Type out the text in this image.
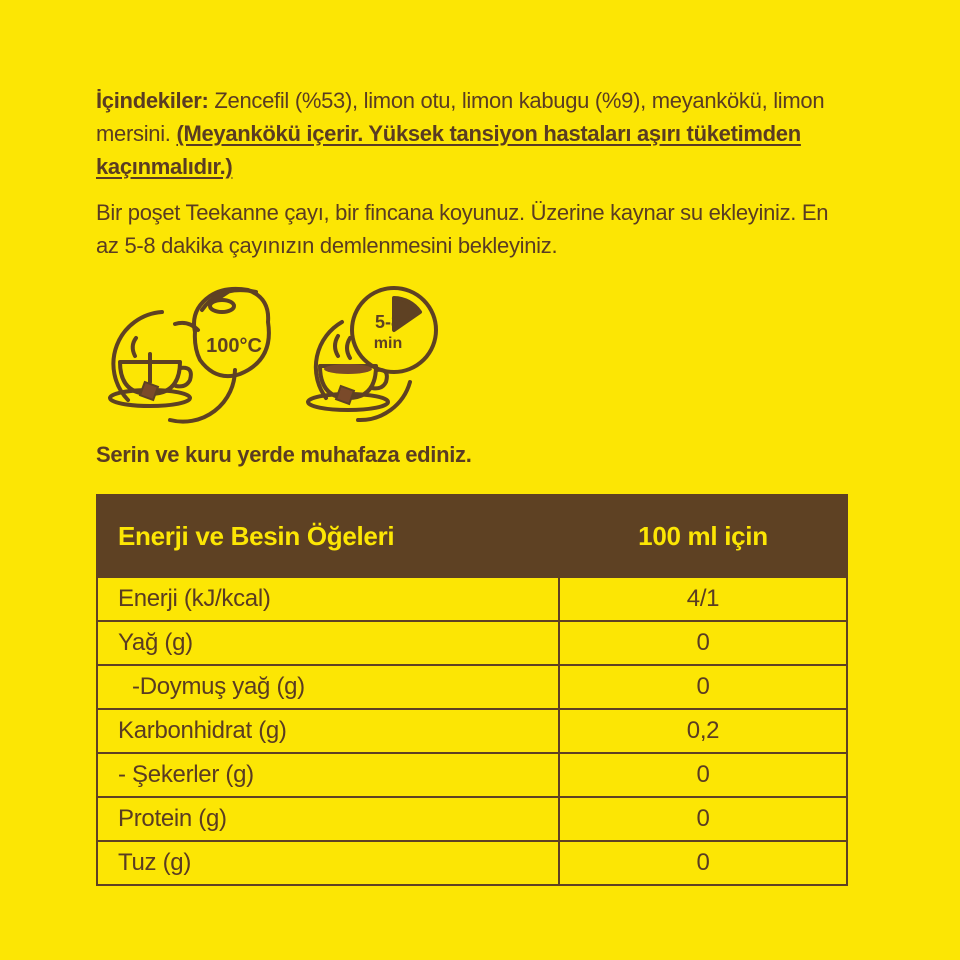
İçindekiler: Zencefil (%53), limon otu, limon kabugu (%9), meyankökü, limon mersini. (Meyankökü içerir. Yüksek tansiyon hastaları aşırı tüketimden kaçınmalıdır.)
Bir poşet Teekanne çayı, bir fincana koyunuz. Üzerine kaynar su ekleyiniz. En az 5-8 dakika çayınızın demlenmesini bekleyiniz.
100°C
5-8
min
Serin ve kuru yerde muhafaza ediniz.
Enerji ve Besin Öğeleri	100 ml için
Enerji (kJ/kcal)	4/1
Yağ (g)	0
-Doymuş yağ (g)	0
Karbonhidrat (g)	0,2
- Şekerler (g)	0
Protein (g)	0
Tuz (g)	0
